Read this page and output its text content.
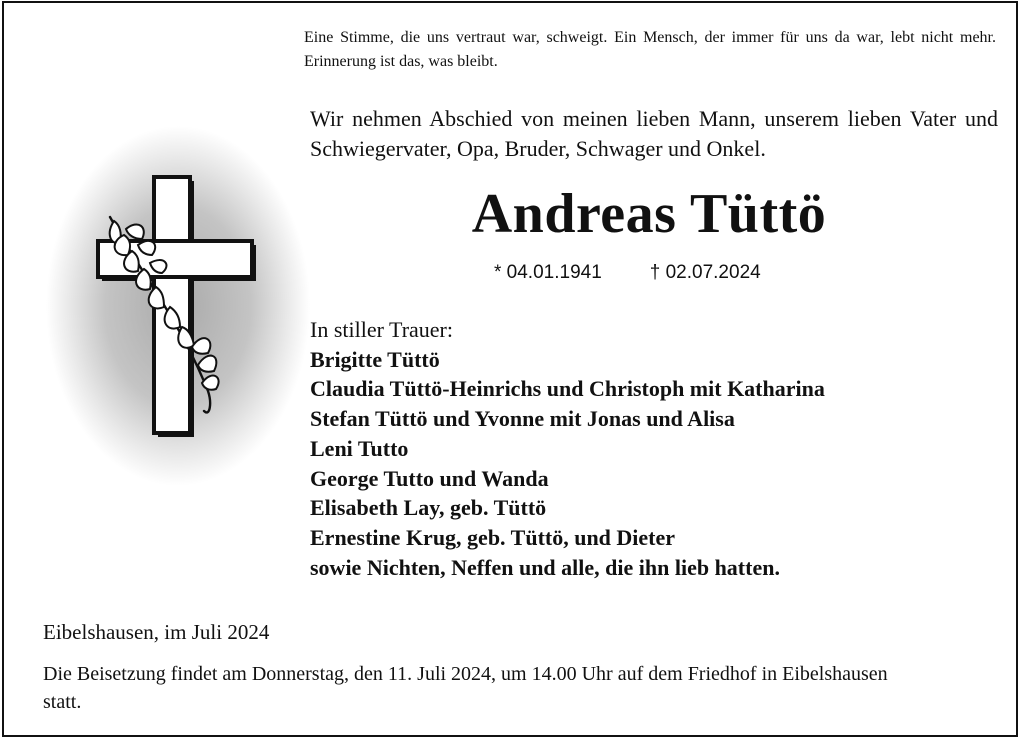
Eine Stimme, die uns vertraut war, schweigt. Ein Mensch, der immer für uns da war, lebt nicht mehr. Erinnerung ist das, was bleibt.
Wir nehmen Abschied von meinen lieben Mann, unserem lieben Vater und Schwiegervater, Opa, Bruder, Schwager und Onkel.
Andreas Tüttö
* 04.01.1941	† 02.07.2024
In stiller Trauer:
Brigitte Tüttö
Claudia Tüttö-Heinrichs und Christoph mit Katharina
Stefan Tüttö und Yvonne mit Jonas und Alisa
Leni Tutto
George Tutto und Wanda
Elisabeth Lay, geb. Tüttö
Ernestine Krug, geb. Tüttö, und Dieter
sowie Nichten, Neffen und alle, die ihn lieb hatten.
Eibelshausen, im Juli 2024
Die Beisetzung findet am Donnerstag, den 11. Juli 2024, um 14.00 Uhr auf dem Friedhof in Eibelshausen statt.
